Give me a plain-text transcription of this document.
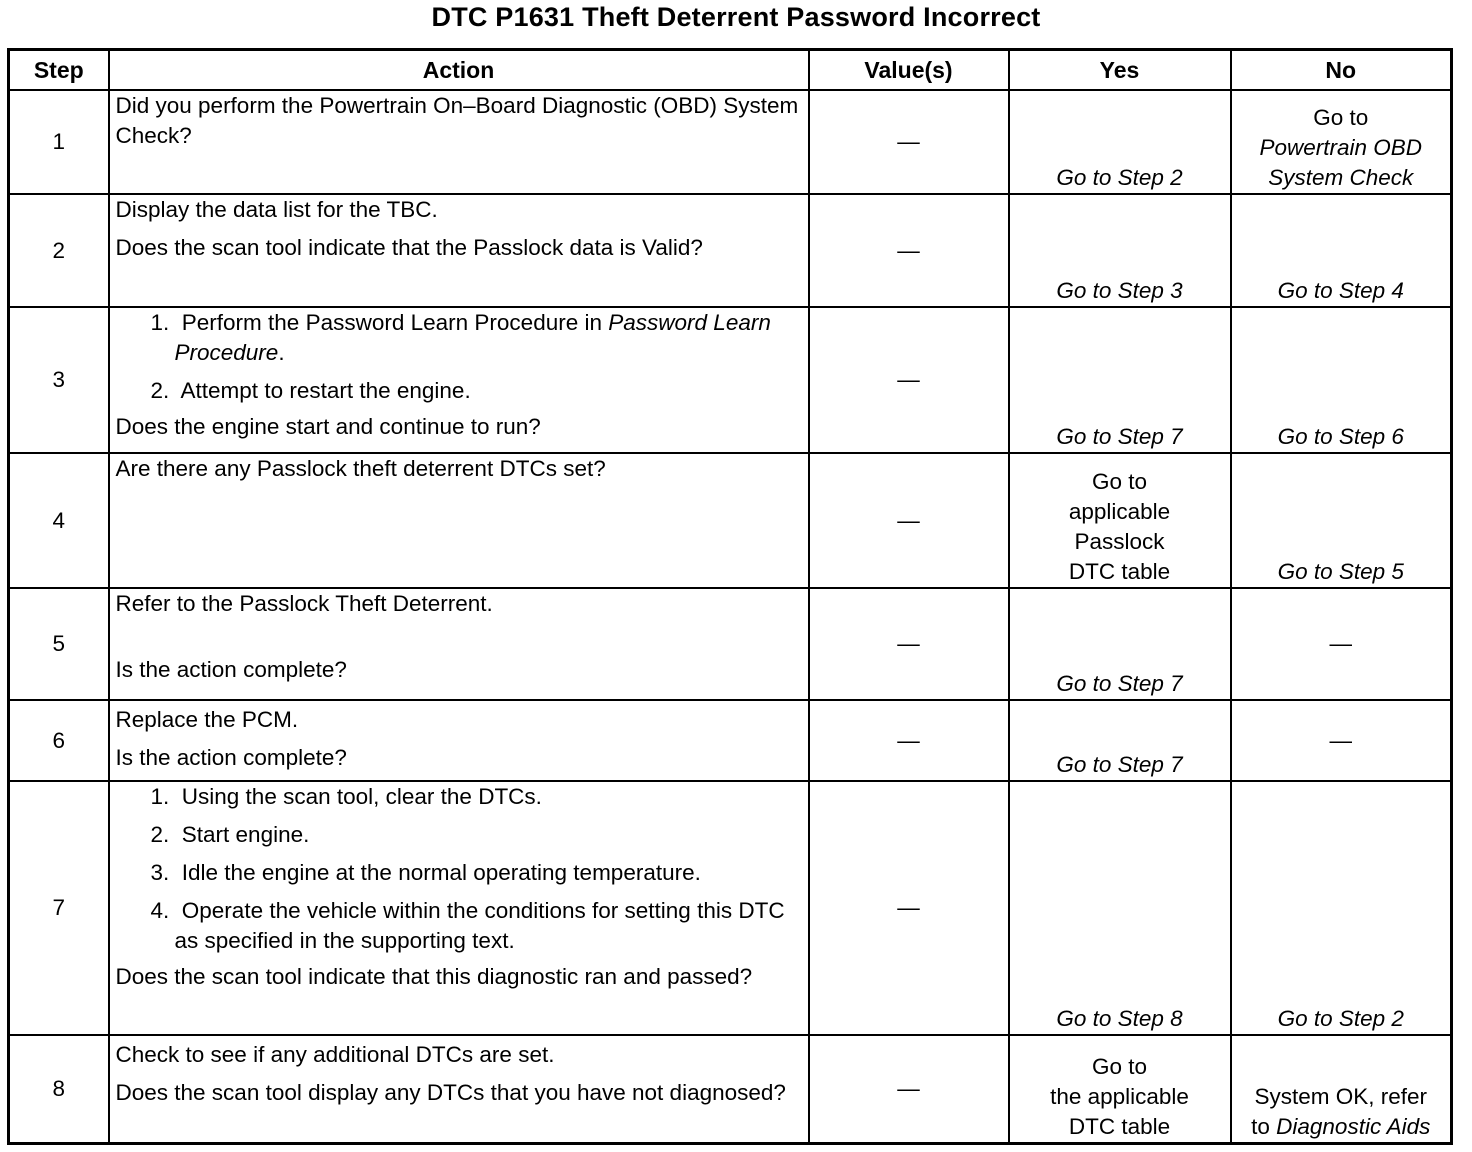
DTC P1631 Theft Deterrent Password Incorrect
Step	Action	Value(s)	Yes	No
1	Did you perform the Powertrain On–Board Diagnostic (OBD) System Check?	—	Go to Step 2	Go to
Powertrain OBD System Check

2	Display the data list for the TBC.
Does the scan tool indicate that the Passlock data is Valid?	—	Go to Step 3	Go to Step 4

3	1. Perform the Password Learn Procedure in Password Learn Procedure.
2. Attempt to restart the engine.
Does the engine start and continue to run?	—	Go to Step 7	Go to Step 6

4	Are there any Passlock theft deterrent DTCs set?	—	Go to
applicable
Passlock
DTC table	Go to Step 5

5	Refer to the Passlock Theft Deterrent.
Is the action complete?	—	Go to Step 7	—
6	Replace the PCM.
Is the action complete?	—	Go to Step 7	—
7	1. Using the scan tool, clear the DTCs.
2. Start engine.
3. Idle the engine at the normal operating temperature.
4. Operate the vehicle within the conditions for setting this DTC as specified in the supporting text.
Does the scan tool indicate that this diagnostic ran and passed?	—	Go to Step 8	Go to Step 2

8	Check to see if any additional DTCs are set.
Does the scan tool display any DTCs that you have not diagnosed?	—	Go to
the applicable
DTC table	System OK, refer
to Diagnostic Aids
